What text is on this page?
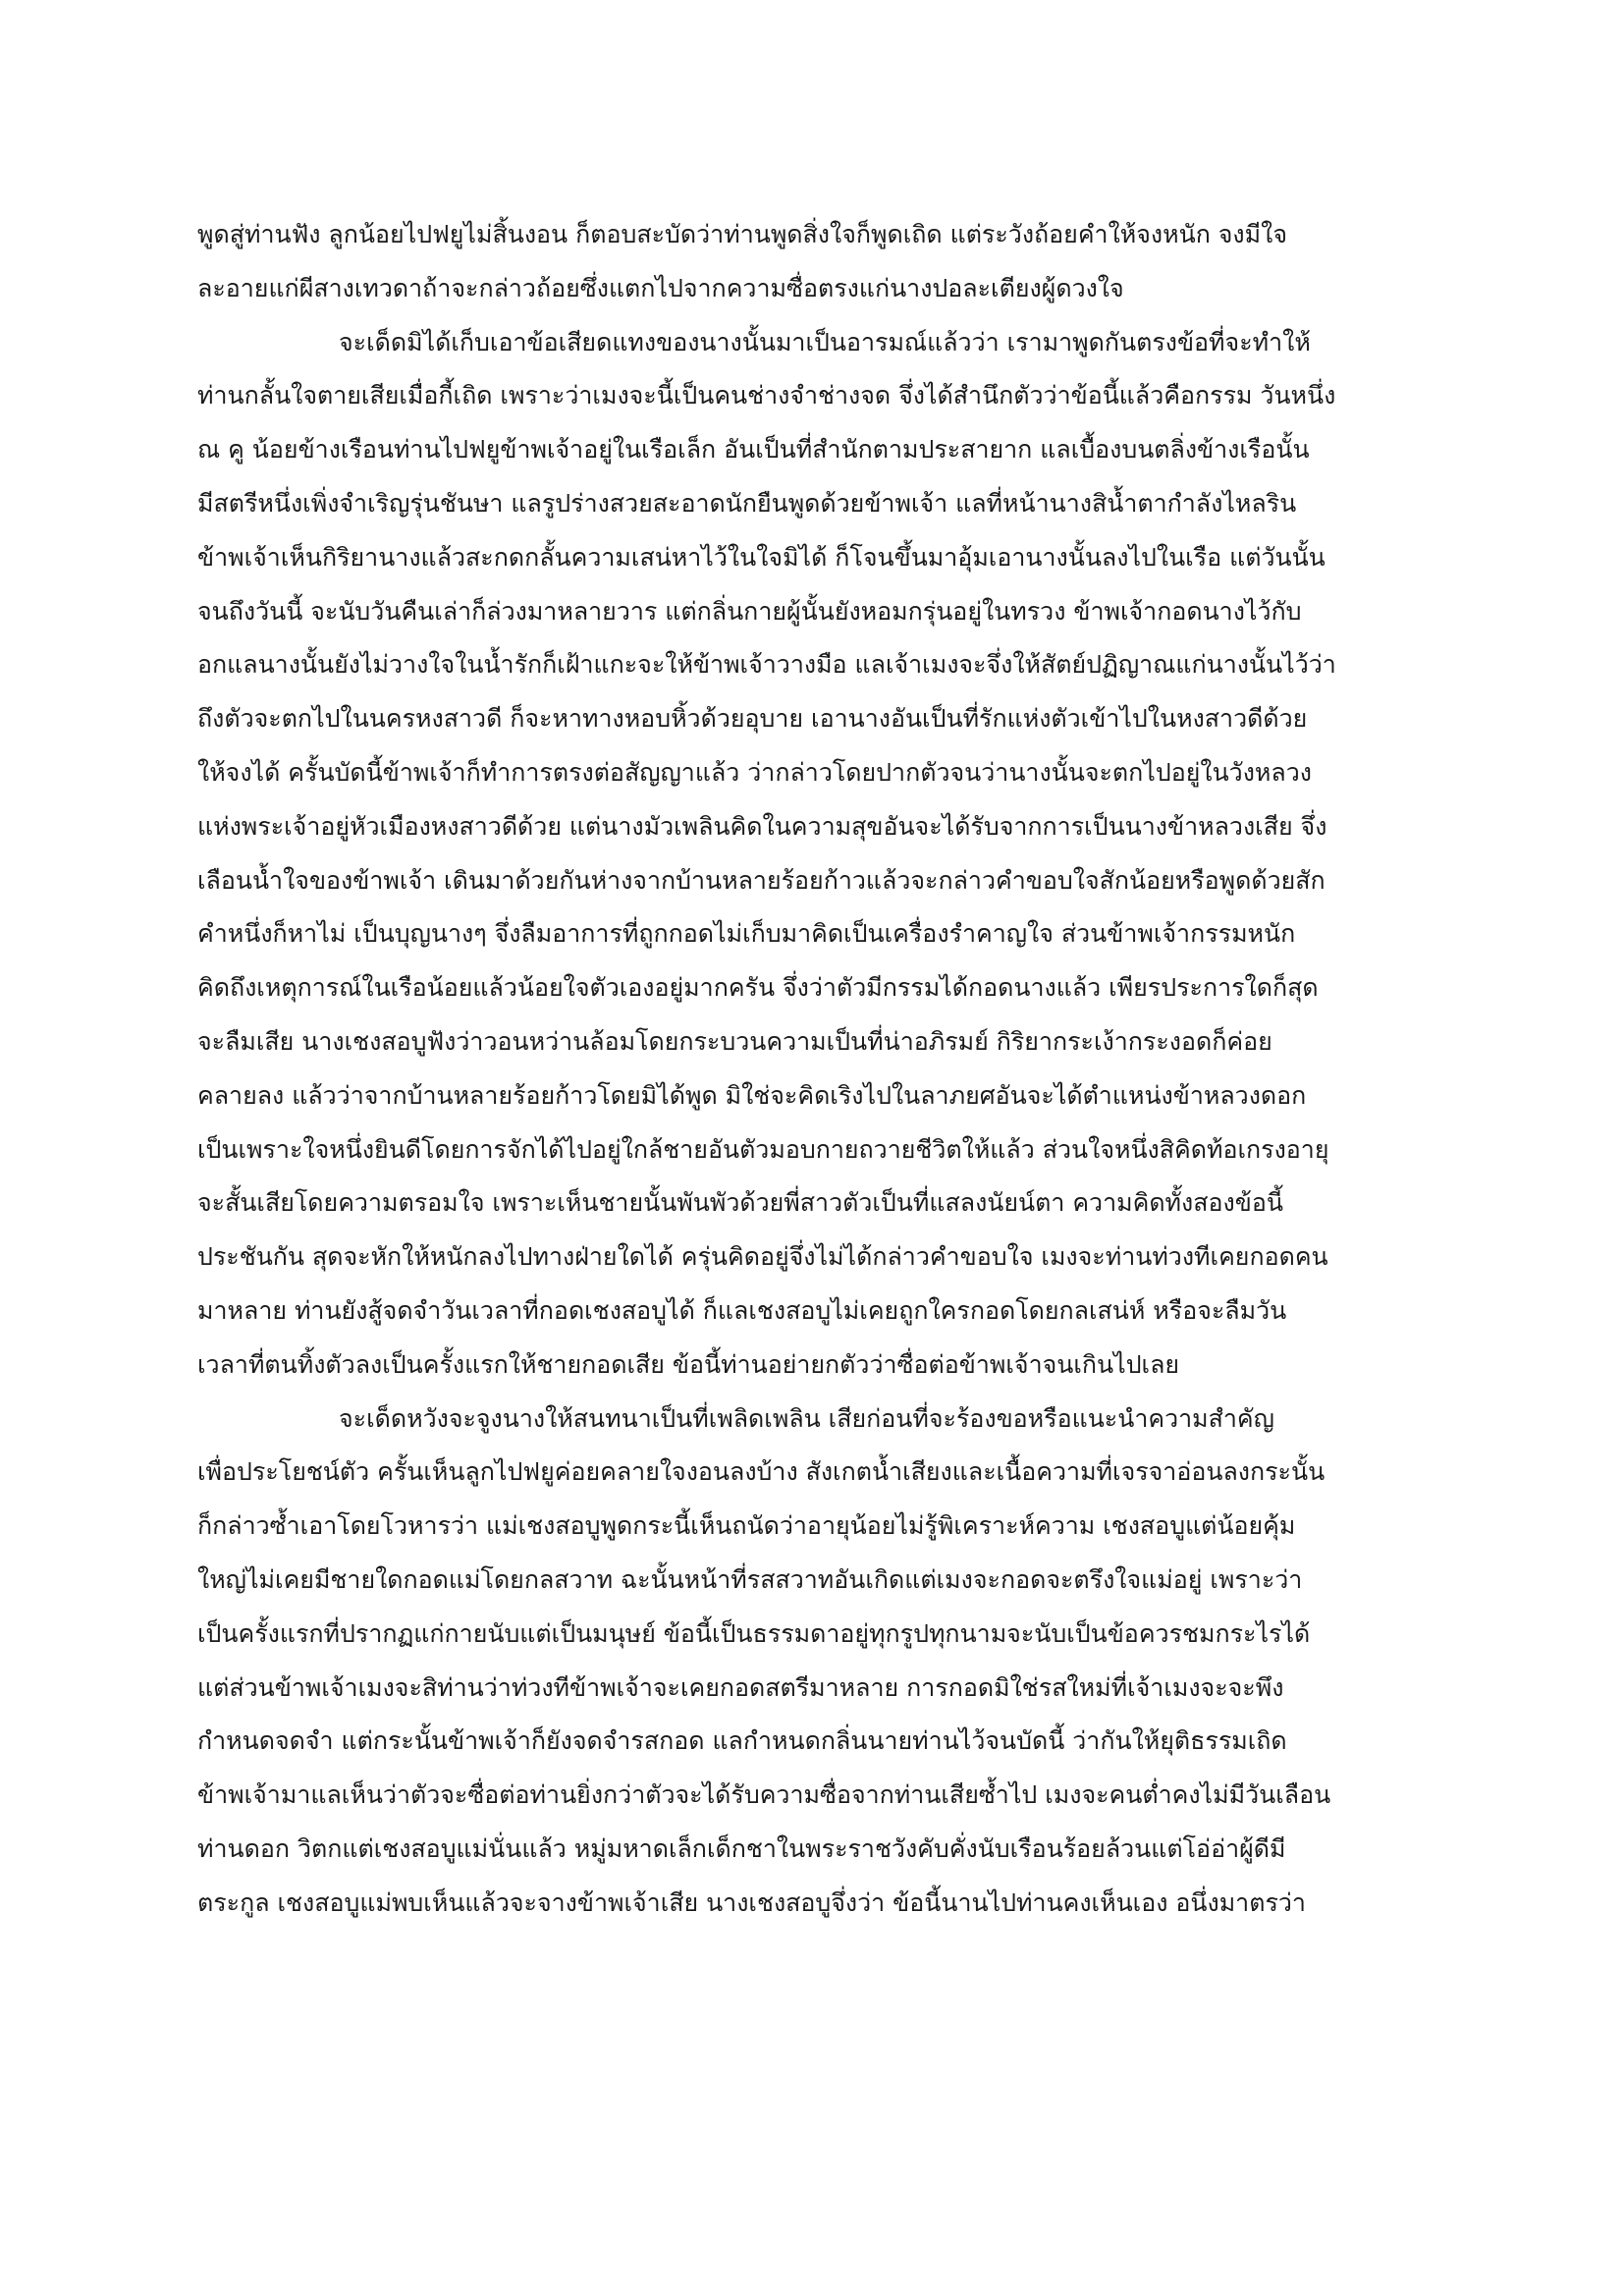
พูดสู่ท่านฟัง ลูกน้อยไปฟยูไม่สิ้นงอน ก็ตอบสะบัดว่าท่านพูดสิ่งใจก็พูดเถิด แต่ระวังถ้อยคำให้จงหนัก จงมีใจ
ละอายแก่ผีสางเทวดาถ้าจะกล่าวถ้อยซึ่งแตกไปจากความซื่อตรงแก่นางปอละเตียงผู้ดวงใจ
จะเด็ดมิได้เก็บเอาข้อเสียดแทงของนางนั้นมาเป็นอารมณ์แล้วว่า เรามาพูดกันตรงข้อที่จะทำให้
ท่านกลั้นใจตายเสียเมื่อกี้เถิด เพราะว่าเมงจะนี้เป็นคนช่างจำช่างจด จึ่งได้สำนึกตัวว่าข้อนี้แล้วคือกรรม วันหนึ่ง
ณ คู น้อยข้างเรือนท่านไปฟยูข้าพเจ้าอยู่ในเรือเล็ก อันเป็นที่สำนักตามประสายาก แลเบื้องบนตลิ่งข้างเรือนั้น
มีสตรีหนึ่งเพิ่งจำเริญรุ่นชันษา แลรูปร่างสวยสะอาดนักยืนพูดด้วยข้าพเจ้า แลที่หน้านางสิน้ำตากำลังไหลริน
ข้าพเจ้าเห็นกิริยานางแล้วสะกดกลั้นความเสน่หาไว้ในใจมิได้ ก็โจนขึ้นมาอุ้มเอานางนั้นลงไปในเรือ แต่วันนั้น
จนถึงวันนี้ จะนับวันคืนเล่าก็ล่วงมาหลายวาร แต่กลิ่นกายผู้นั้นยังหอมกรุ่นอยู่ในทรวง ข้าพเจ้ากอดนางไว้กับ
อกแลนางนั้นยังไม่วางใจในน้ำรักก็เฝ้าแกะจะให้ข้าพเจ้าวางมือ แลเจ้าเมงจะจึ่งให้สัตย์ปฏิญาณแก่นางนั้นไว้ว่า
ถึงตัวจะตกไปในนครหงสาวดี ก็จะหาทางหอบหิ้วด้วยอุบาย เอานางอันเป็นที่รักแห่งตัวเข้าไปในหงสาวดีด้วย
ให้จงได้ ครั้นบัดนี้ข้าพเจ้าก็ทำการตรงต่อสัญญาแล้ว ว่ากล่าวโดยปากตัวจนว่านางนั้นจะตกไปอยู่ในวังหลวง
แห่งพระเจ้าอยู่หัวเมืองหงสาวดีด้วย แต่นางมัวเพลินคิดในความสุขอันจะได้รับจากการเป็นนางข้าหลวงเสีย จึ่ง
เลือนน้ำใจของข้าพเจ้า เดินมาด้วยกันห่างจากบ้านหลายร้อยก้าวแล้วจะกล่าวคำขอบใจสักน้อยหรือพูดด้วยสัก
คำหนึ่งก็หาไม่ เป็นบุญนางๆ จึ่งลืมอาการที่ถูกกอดไม่เก็บมาคิดเป็นเครื่องรำคาญใจ ส่วนข้าพเจ้ากรรมหนัก
คิดถึงเหตุการณ์ในเรือน้อยแล้วน้อยใจตัวเองอยู่มากครัน จึ่งว่าตัวมีกรรมได้กอดนางแล้ว เพียรประการใดก็สุด
จะลืมเสีย นางเชงสอบูฟังว่าวอนหว่านล้อมโดยกระบวนความเป็นที่น่าอภิรมย์ กิริยากระเง้ากระงอดก็ค่อย
คลายลง แล้วว่าจากบ้านหลายร้อยก้าวโดยมิได้พูด มิใช่จะคิดเริงไปในลาภยศอันจะได้ตำแหน่งข้าหลวงดอก
เป็นเพราะใจหนึ่งยินดีโดยการจักได้ไปอยู่ใกล้ชายอันตัวมอบกายถวายชีวิตให้แล้ว ส่วนใจหนึ่งสิคิดท้อเกรงอายุ
จะสั้นเสียโดยความตรอมใจ เพราะเห็นชายนั้นพันพัวด้วยพี่สาวตัวเป็นที่แสลงนัยน์ตา ความคิดทั้งสองข้อนี้
ประชันกัน สุดจะหักให้หนักลงไปทางฝ่ายใดได้ ครุ่นคิดอยู่จึ่งไม่ได้กล่าวคำขอบใจ เมงจะท่านท่วงทีเคยกอดคน
มาหลาย ท่านยังสู้จดจำวันเวลาที่กอดเชงสอบูได้ ก็แลเชงสอบูไม่เคยถูกใครกอดโดยกลเสน่ห์ หรือจะลืมวัน
เวลาที่ตนทิ้งตัวลงเป็นครั้งแรกให้ชายกอดเสีย ข้อนี้ท่านอย่ายกตัวว่าซื่อต่อข้าพเจ้าจนเกินไปเลย
จะเด็ดหวังจะจูงนางให้สนทนาเป็นที่เพลิดเพลิน เสียก่อนที่จะร้องขอหรือแนะนำความสำคัญ
เพื่อประโยชน์ตัว ครั้นเห็นลูกไปฟยูค่อยคลายใจงอนลงบ้าง สังเกตน้ำเสียงและเนื้อความที่เจรจาอ่อนลงกระนั้น
ก็กล่าวซ้ำเอาโดยโวหารว่า แม่เชงสอบูพูดกระนี้เห็นถนัดว่าอายุน้อยไม่รู้พิเคราะห์ความ เชงสอบูแต่น้อยคุ้ม
ใหญ่ไม่เคยมีชายใดกอดแม่โดยกลสวาท ฉะนั้นหน้าที่รสสวาทอันเกิดแต่เมงจะกอดจะตรึงใจแม่อยู่ เพราะว่า
เป็นครั้งแรกที่ปรากฏแก่กายนับแต่เป็นมนุษย์ ข้อนี้เป็นธรรมดาอยู่ทุกรูปทุกนามจะนับเป็นข้อควรชมกระไรได้
แต่ส่วนข้าพเจ้าเมงจะสิท่านว่าท่วงทีข้าพเจ้าจะเคยกอดสตรีมาหลาย การกอดมิใช่รสใหม่ที่เจ้าเมงจะจะพึง
กำหนดจดจำ แต่กระนั้นข้าพเจ้าก็ยังจดจำรสกอด แลกำหนดกลิ่นนายท่านไว้จนบัดนี้ ว่ากันให้ยุติธรรมเถิด
ข้าพเจ้ามาแลเห็นว่าตัวจะซื่อต่อท่านยิ่งกว่าตัวจะได้รับความซื่อจากท่านเสียซ้ำไป เมงจะคนต่ำคงไม่มีวันเลือน
ท่านดอก วิตกแต่เชงสอบูแม่นั่นแล้ว หมู่มหาดเล็กเด็กชาในพระราชวังคับคั่งนับเรือนร้อยล้วนแต่โอ่อ่าผู้ดีมี
ตระกูล เชงสอบูแม่พบเห็นแล้วจะจางข้าพเจ้าเสีย นางเชงสอบูจึ่งว่า ข้อนี้นานไปท่านคงเห็นเอง อนึ่งมาตรว่า
